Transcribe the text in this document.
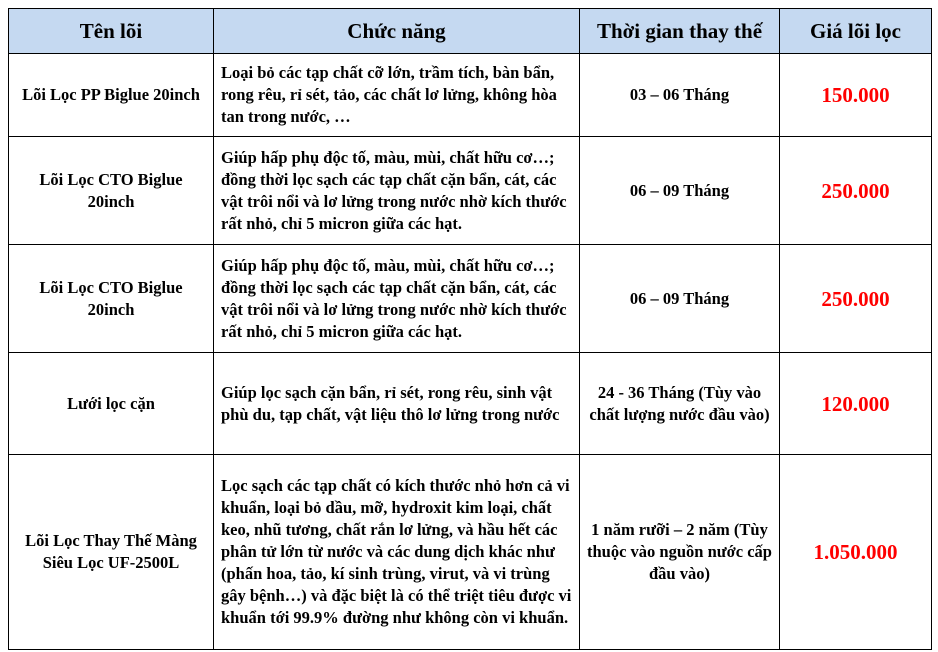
Tên lõi	Chức năng	Thời gian thay thế	Giá lõi lọc
Lõi Lọc PP Biglue 20inch	Loại bỏ các tạp chất cỡ lớn, trầm tích, bàn bẩn, rong rêu, rỉ sét, tảo, các chất lơ lửng, không hòa tan trong nước, …	03 – 06 Tháng	150.000
Lõi Lọc CTO Biglue 20inch	Giúp hấp phụ độc tố, màu, mùi, chất hữu cơ…; đồng thời lọc sạch các tạp chất cặn bẩn, cát, các vật trôi nổi và lơ lửng trong nước nhờ kích thước rất nhỏ, chỉ 5 micron giữa các hạt.	06 – 09 Tháng	250.000
Lõi Lọc CTO Biglue 20inch	Giúp hấp phụ độc tố, màu, mùi, chất hữu cơ…; đồng thời lọc sạch các tạp chất cặn bẩn, cát, các vật trôi nổi và lơ lửng trong nước nhờ kích thước rất nhỏ, chỉ 5 micron giữa các hạt.	06 – 09 Tháng	250.000
Lưới lọc cặn	Giúp lọc sạch cặn bẩn, rỉ sét, rong rêu, sinh vật phù du, tạp chất, vật liệu thô lơ lửng trong nước	24 - 36 Tháng (Tùy vào chất lượng nước đầu vào)	120.000
Lõi Lọc Thay Thế Màng Siêu Lọc UF-2500L	Lọc sạch các tạp chất có kích thước nhỏ hơn cả vi khuẩn, loại bỏ dầu, mỡ, hydroxit kim loại, chất keo, nhũ tương, chất rắn lơ lửng, và hầu hết các phân tử lớn từ nước và các dung dịch khác như (phấn hoa, tảo, kí sinh trùng, virut, và vi trùng gây bệnh…) và đặc biệt là có thể triệt tiêu được vi khuẩn tới 99.9% đường như không còn vi khuẩn.	1 năm rưỡi – 2 năm (Tùy thuộc vào nguồn nước cấp đầu vào)	1.050.000
